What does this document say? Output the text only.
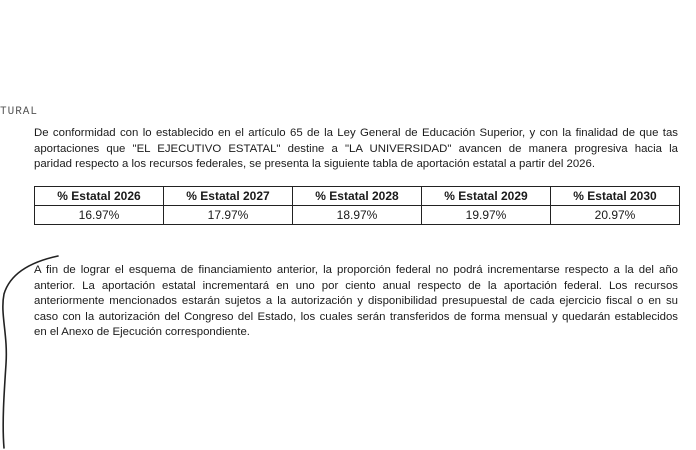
TURAL
De conformidad con lo establecido en el artículo 65 de la Ley General de Educación Superior, y con la finalidad de que tas
aportaciones que "EL EJECUTIVO ESTATAL" destine a "LA UNIVERSIDAD" avancen de manera progresiva hacia la
paridad respecto a los recursos federales, se presenta la siguiente tabla de aportación estatal a partir del 2026.
% Estatal 2026	% Estatal 2027	% Estatal 2028	% Estatal 2029	% Estatal 2030
16.97%	17.97%	18.97%	19.97%	20.97%
A fin de lograr el esquema de financiamiento anterior, la proporción federal no podrá incrementarse respecto a la del año
anterior. La aportación estatal incrementará en uno por ciento anual respecto de la aportación federal. Los recursos
anteriormente mencionados estarán sujetos a la autorización y disponibilidad presupuestal de cada ejercicio fiscal o en su
caso con la autorización del Congreso del Estado, los cuales serán transferidos de forma mensual y quedarán establecidos
en el Anexo de Ejecución correspondiente.
